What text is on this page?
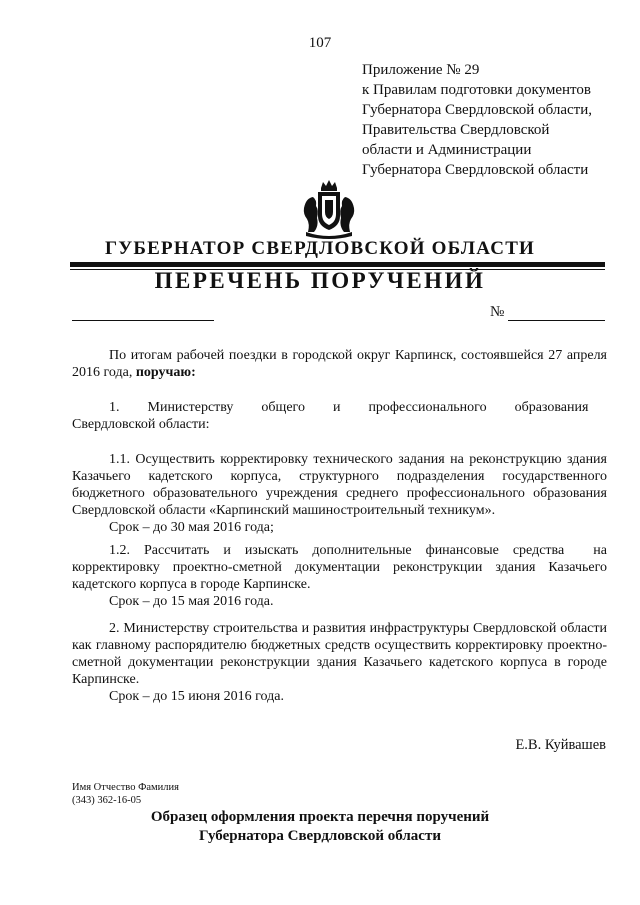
107
Приложение № 29
к Правилам подготовки документов
Губернатора Свердловской области,
Правительства Свердловской
области и Администрации
Губернатора Свердловской области
ГУБЕРНАТОР СВЕРДЛОВСКОЙ ОБЛАСТИ
ПЕРЕЧЕНЬ ПОРУЧЕНИЙ
№

По итогам рабочей поездки в городской округ Карпинск, состоявшейся 27 апреля 2016 года, поручаю:

1.  Министерству  общего  и  профессионального  образования Свердловской области:

1.1. Осуществить корректировку технического задания на реконструкцию здания Казачьего кадетского корпуса, структурного подразделения государственного бюджетного образовательного учреждения среднего профессионального образования Свердловской области «Карпинский машиностроительный техникум».

Срок – до 30 мая 2016 года;

1.2. Рассчитать и изыскать дополнительные финансовые средства на корректировку проектно-сметной документации реконструкции здания Казачьего кадетского корпуса в городе Карпинске.

Срок – до 15 мая 2016 года.

2. Министерству строительства и развития инфраструктуры Свердловской области как главному распорядителю бюджетных средств осуществить корректировку проектно-сметной документации реконструкции здания Казачьего кадетского корпуса в городе Карпинске.

Срок – до 15 июня 2016 года.

Е.В. Куйвашев
Имя Отчество Фамилия
(343) 362-16-05
Образец оформления проекта перечня поручений
Губернатора Свердловской области
